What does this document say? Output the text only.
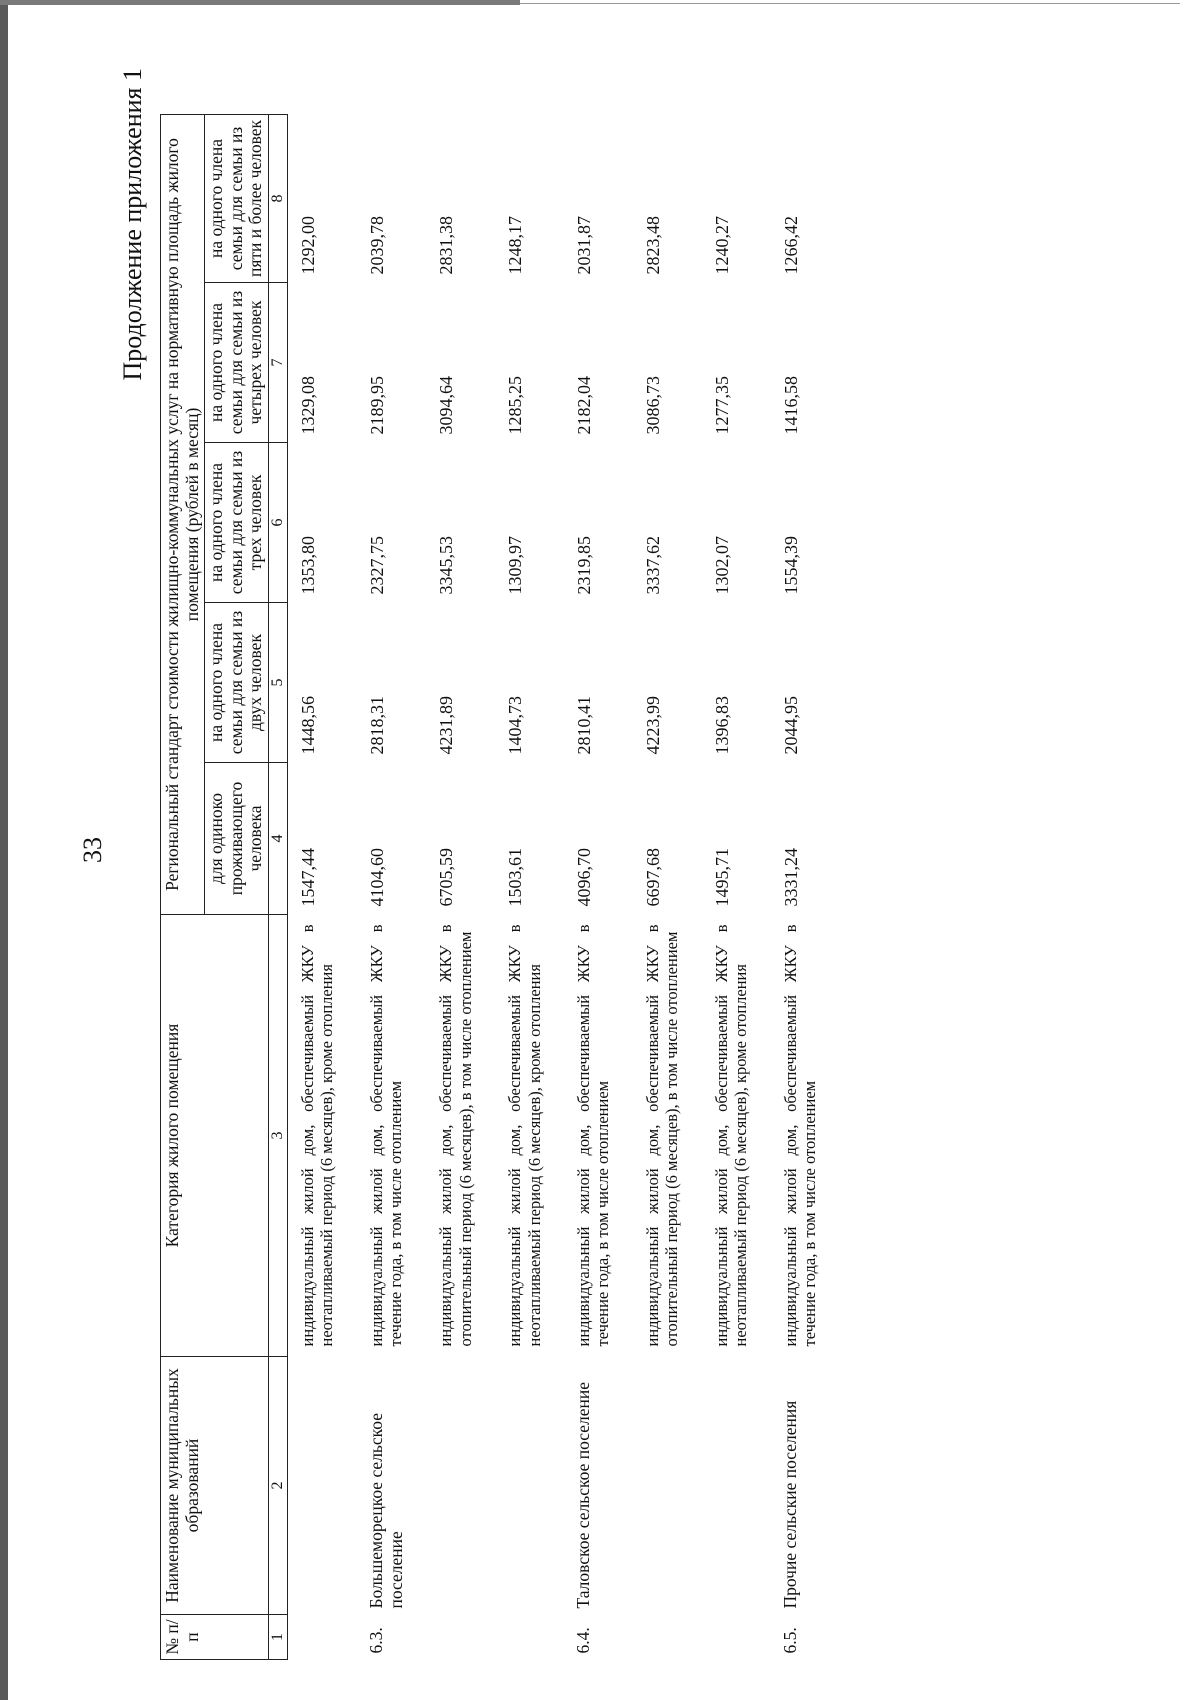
33
Продолжение приложения 1
№ п/п	Наименование муниципальных образований	Категория жилого помещения	Региональный стандарт стоимости жилищно-коммунальных услуг на нормативную площадь жилого помещения (рублей в месяц)				
			для одиноко проживающего человека	на одного члена семьи для семьи из двух человек	на одного члена семьи для семьи из трех человек	на одного члена семьи для семьи из четырех человек	на одного члена семьи для семьи из пяти и более человек
1	2	3	4	5	6	7	8
		индивидуальный жилой дом, обеспечиваемый ЖКУ в неотапливаемый период (6 месяцев), кроме отопления	1547,44	1448,56	1353,80	1329,08	1292,00
6.3.	Большеморецкое сельское поселение	индивидуальный жилой дом, обеспечиваемый ЖКУ в течение года, в том числе отоплением	4104,60	2818,31	2327,75	2189,95	2039,78
		индивидуальный жилой дом, обеспечиваемый ЖКУ в отопительный период (6 месяцев), в том числе отоплением	6705,59	4231,89	3345,53	3094,64	2831,38
		индивидуальный жилой дом, обеспечиваемый ЖКУ в неотапливаемый период (6 месяцев), кроме отопления	1503,61	1404,73	1309,97	1285,25	1248,17
6.4.	Таловское сельское поселение	индивидуальный жилой дом, обеспечиваемый ЖКУ в течение года, в том числе отоплением	4096,70	2810,41	2319,85	2182,04	2031,87
		индивидуальный жилой дом, обеспечиваемый ЖКУ в отопительный период (6 месяцев), в том числе отоплением	6697,68	4223,99	3337,62	3086,73	2823,48
		индивидуальный жилой дом, обеспечиваемый ЖКУ в неотапливаемый период (6 месяцев), кроме отопления	1495,71	1396,83	1302,07	1277,35	1240,27
6.5.	Прочие сельские поселения	индивидуальный жилой дом, обеспечиваемый ЖКУ в течение года, в том числе отоплением	3331,24	2044,95	1554,39	1416,58	1266,42
